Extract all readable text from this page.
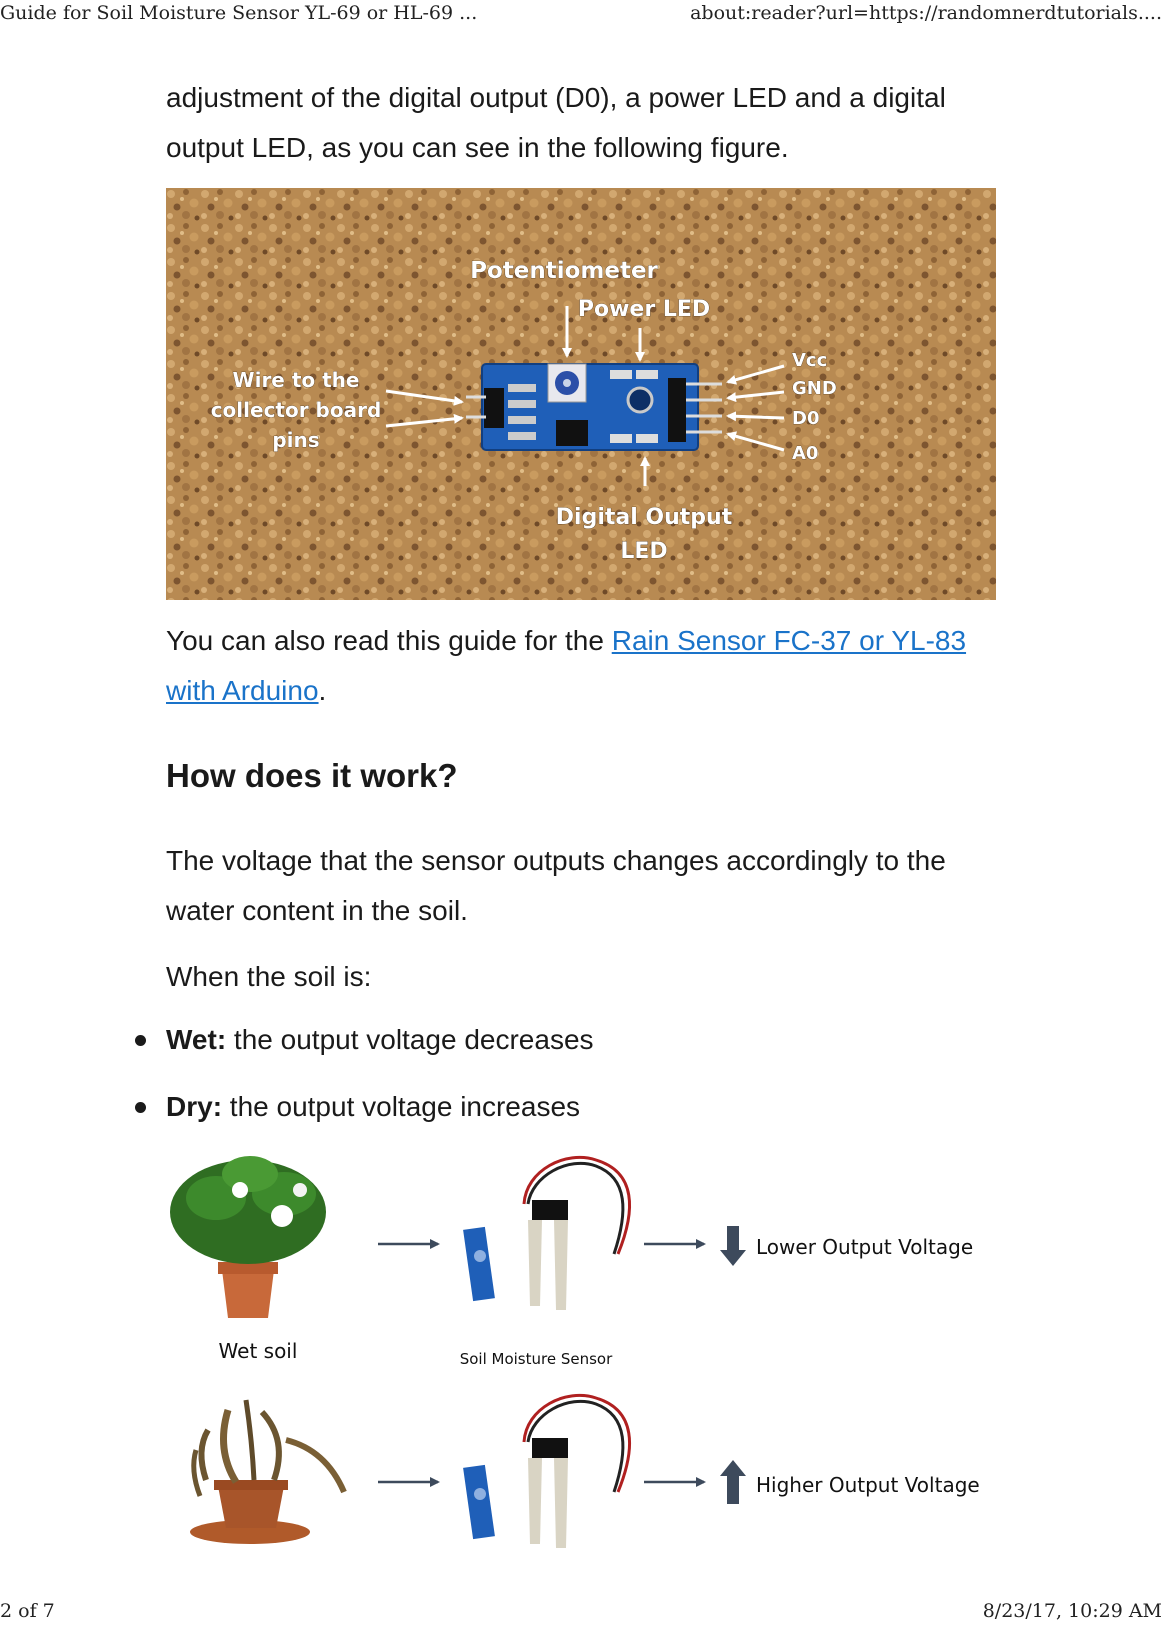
Guide for Soil Moisture Sensor YL-69 or HL-69 ...	about:reader?url=https://randomnerdtutorials....

adjustment of the digital output (D0), a power LED and a digital output LED, as you can see in the following figure.

You can also read this guide for the Rain Sensor FC-37 or YL-83 with Arduino.

How does it work?

The voltage that the sensor outputs changes accordingly to the water content in the soil.

When the soil is:

Wet: the output voltage decreases
Dry: the output voltage increases
Potentiometer
Power LED
Wire to the
collector board
pins
Vcc
GND
D0
A0
Digital Output
LED
Wet soil	Soil Moisture Sensor
Lower Output Voltage
Higher Output Voltage
2 of 7	8/23/17, 10:29 AM
